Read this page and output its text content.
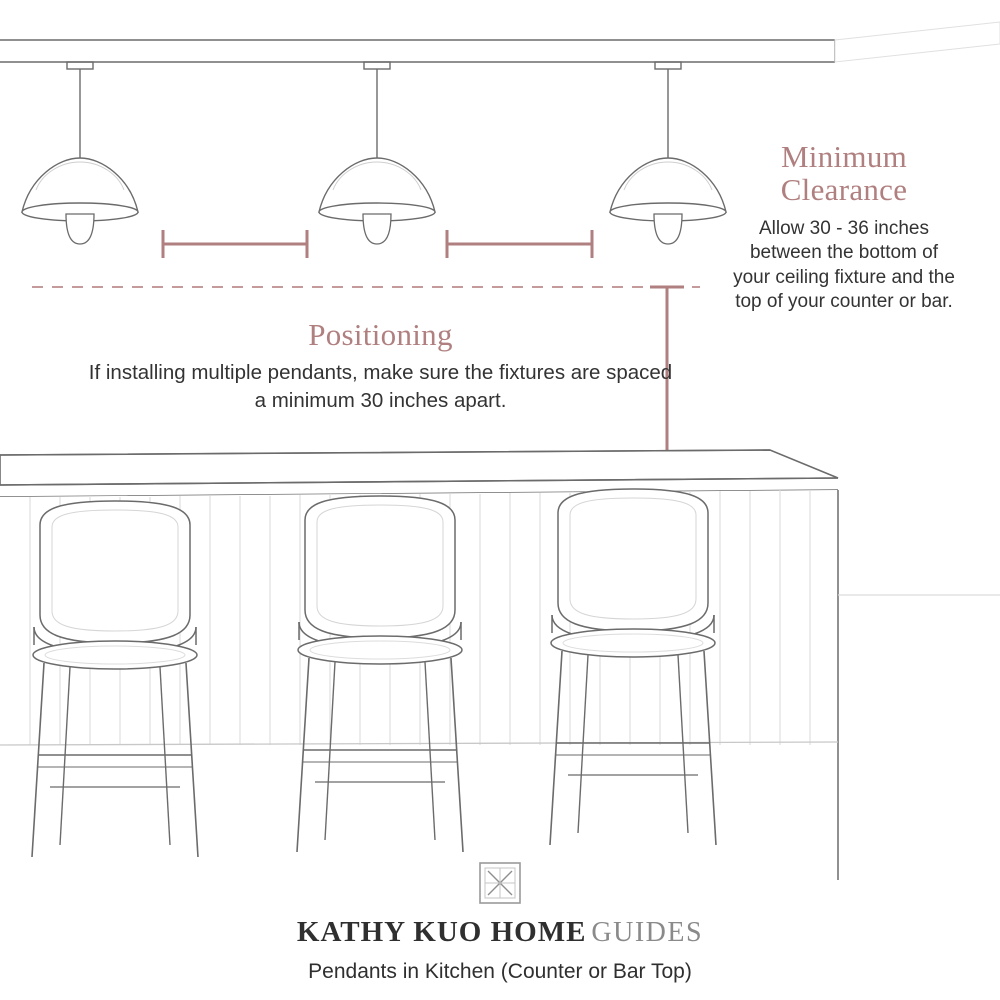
Minimum
Clearance
Allow 30 - 36 inches between the bottom of your ceiling fixture and the top of your counter or bar.
Positioning
If installing multiple pendants, make sure the fixtures are spaced a minimum 30 inches apart.
KATHY KUO HOME GUIDES
Pendants in Kitchen (Counter or Bar Top)
